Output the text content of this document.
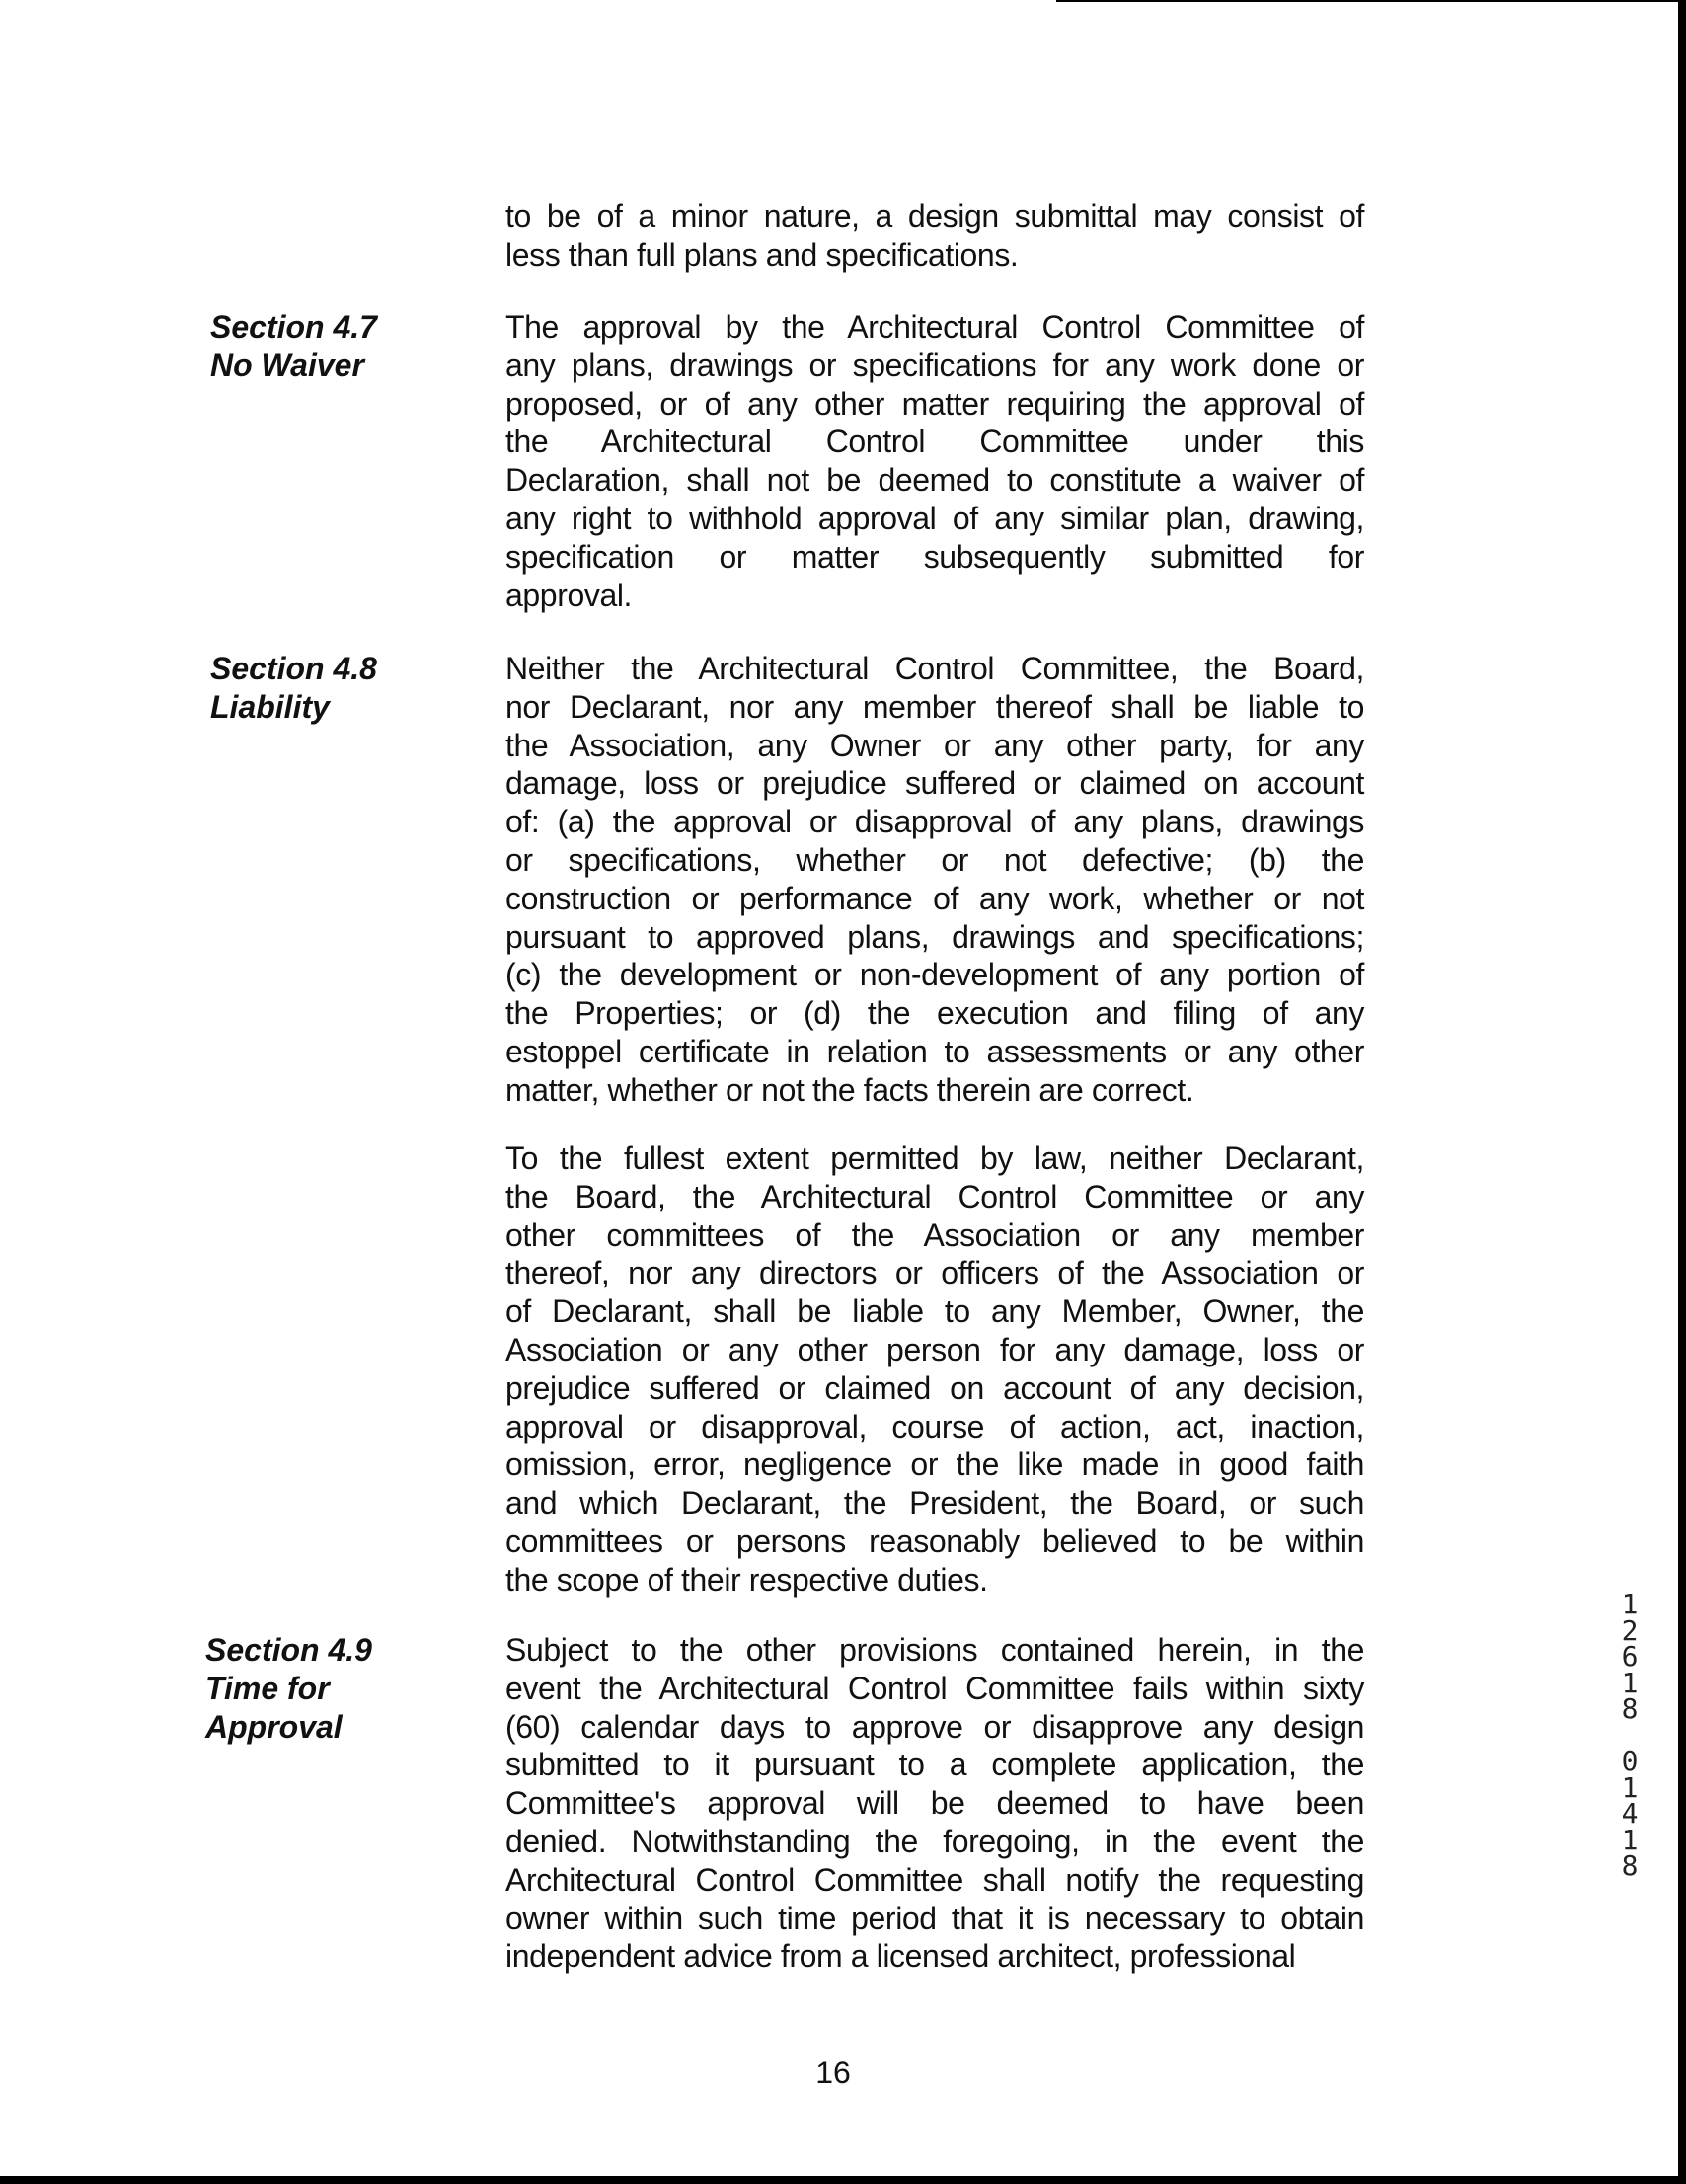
to be of a minor nature, a design submittal may consist of
less than full plans and specifications.
Section 4.7
No Waiver
The approval by the Architectural Control Committee of
any plans, drawings or specifications for any work done or
proposed, or of any other matter requiring the approval of
the Architectural Control Committee under this
Declaration, shall not be deemed to constitute a waiver of
any right to withhold approval of any similar plan, drawing,
specification or matter subsequently submitted for
approval.
Section 4.8
Liability
Neither the Architectural Control Committee, the Board,
nor Declarant, nor any member thereof shall be liable to
the Association, any Owner or any other party, for any
damage, loss or prejudice suffered or claimed on account
of: (a) the approval or disapproval of any plans, drawings
or specifications, whether or not defective; (b) the
construction or performance of any work, whether or not
pursuant to approved plans, drawings and specifications;
(c) the development or non-development of any portion of
the Properties; or (d) the execution and filing of any
estoppel certificate in relation to assessments or any other
matter, whether or not the facts therein are correct.
To the fullest extent permitted by law, neither Declarant,
the Board, the Architectural Control Committee or any
other committees of the Association or any member
thereof, nor any directors or officers of the Association or
of Declarant, shall be liable to any Member, Owner, the
Association or any other person for any damage, loss or
prejudice suffered or claimed on account of any decision,
approval or disapproval, course of action, act, inaction,
omission, error, negligence or the like made in good faith
and which Declarant, the President, the Board, or such
committees or persons reasonably believed to be within
the scope of their respective duties.
Section 4.9
Time for
Approval
Subject to the other provisions contained herein, in the
event the Architectural Control Committee fails within sixty
(60) calendar days to approve or disapprove any design
submitted to it pursuant to a complete application, the
Committee's approval will be deemed to have been
denied. Notwithstanding the foregoing, in the event the
Architectural Control Committee shall notify the requesting
owner within such time period that it is necessary to obtain
independent advice from a licensed architect, professional
16
1
2
6
1
8
0
1
4
1
8
